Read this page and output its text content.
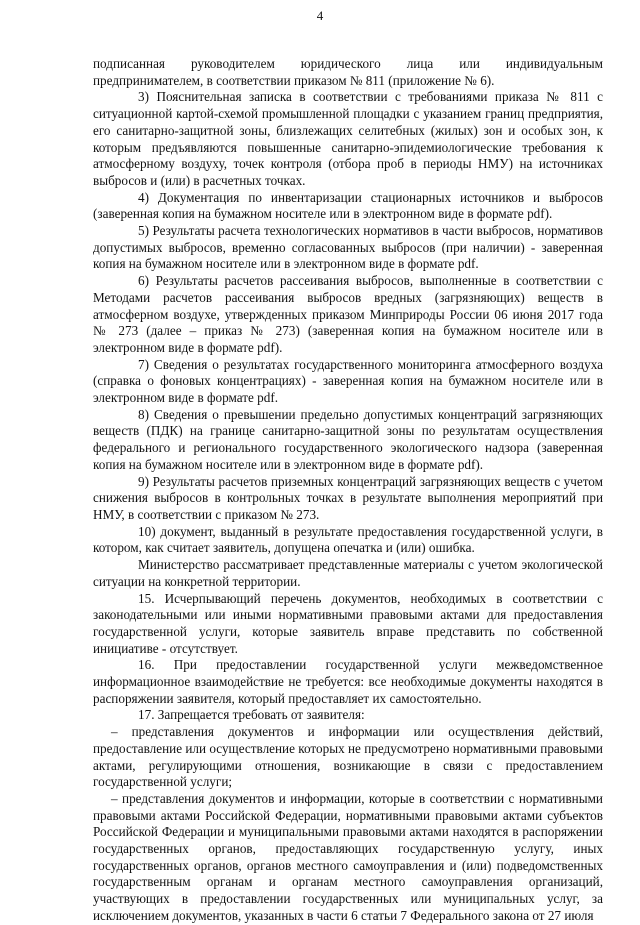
4

подписанная руководителем юридического лица или индивидуальным предпринимателем, в соответствии приказом № 811 (приложение № 6).

3) Пояснительная записка в соответствии с требованиями приказа № 811 с ситуационной картой-схемой промышленной площадки с указанием границ предприятия, его санитарно-защитной зоны, близлежащих селитебных (жилых) зон и особых зон, к которым предъявляются повышенные санитарно-эпидемиологические требования к атмосферному воздуху, точек контроля (отбора проб в периоды НМУ) на источниках выбросов и (или) в расчетных точках.

4) Документация по инвентаризации стационарных источников и выбросов (заверенная копия на бумажном носителе или в электронном виде в формате pdf).

5) Результаты расчета технологических нормативов в части выбросов, нормативов допустимых выбросов, временно согласованных выбросов (при наличии) - заверенная копия на бумажном носителе или в электронном виде в формате pdf.

6) Результаты расчетов рассеивания выбросов, выполненные в соответствии с Методами расчетов рассеивания выбросов вредных (загрязняющих) веществ в атмосферном воздухе, утвержденных приказом Минприроды России 06 июня 2017 года № 273 (далее – приказ № 273) (заверенная копия на бумажном носителе или в электронном виде в формате pdf).

7) Сведения о результатах государственного мониторинга атмосферного воздуха (справка о фоновых концентрациях) - заверенная копия на бумажном носителе или в электронном виде в формате pdf.

8) Сведения о превышении предельно допустимых концентраций загрязняющих веществ (ПДК) на границе санитарно-защитной зоны по результатам осуществления федерального и регионального государственного экологического надзора (заверенная копия на бумажном носителе или в электронном виде в формате pdf).

9) Результаты расчетов приземных концентраций загрязняющих веществ с учетом снижения выбросов в контрольных точках в результате выполнения мероприятий при НМУ, в соответствии с приказом № 273.

10) документ, выданный в результате предоставления государственной услуги, в котором, как считает заявитель, допущена опечатка и (или) ошибка.

Министерство рассматривает представленные материалы с учетом экологической ситуации на конкретной территории.

15. Исчерпывающий перечень документов, необходимых в соответствии с законодательными или иными нормативными правовыми актами для предоставления государственной услуги, которые заявитель вправе представить по собственной инициативе - отсутствует.

16. При предоставлении государственной услуги межведомственное информационное взаимодействие не требуется: все необходимые документы находятся в распоряжении заявителя, который предоставляет их самостоятельно.

17. Запрещается требовать от заявителя:

– представления документов и информации или осуществления действий, предоставление или осуществление которых не предусмотрено нормативными правовыми актами, регулирующими отношения, возникающие в связи с предоставлением государственной услуги;

– представления документов и информации, которые в соответствии с нормативными правовыми актами Российской Федерации, нормативными правовыми актами субъектов Российской Федерации и муниципальными правовыми актами находятся в распоряжении государственных органов, предоставляющих государственную услугу, иных государственных органов, органов местного самоуправления и (или) подведомственных государственным органам и органам местного самоуправления организаций, участвующих в предоставлении государственных или муниципальных услуг, за исключением документов, указанных в части 6 статьи 7 Федерального закона от 27 июля
